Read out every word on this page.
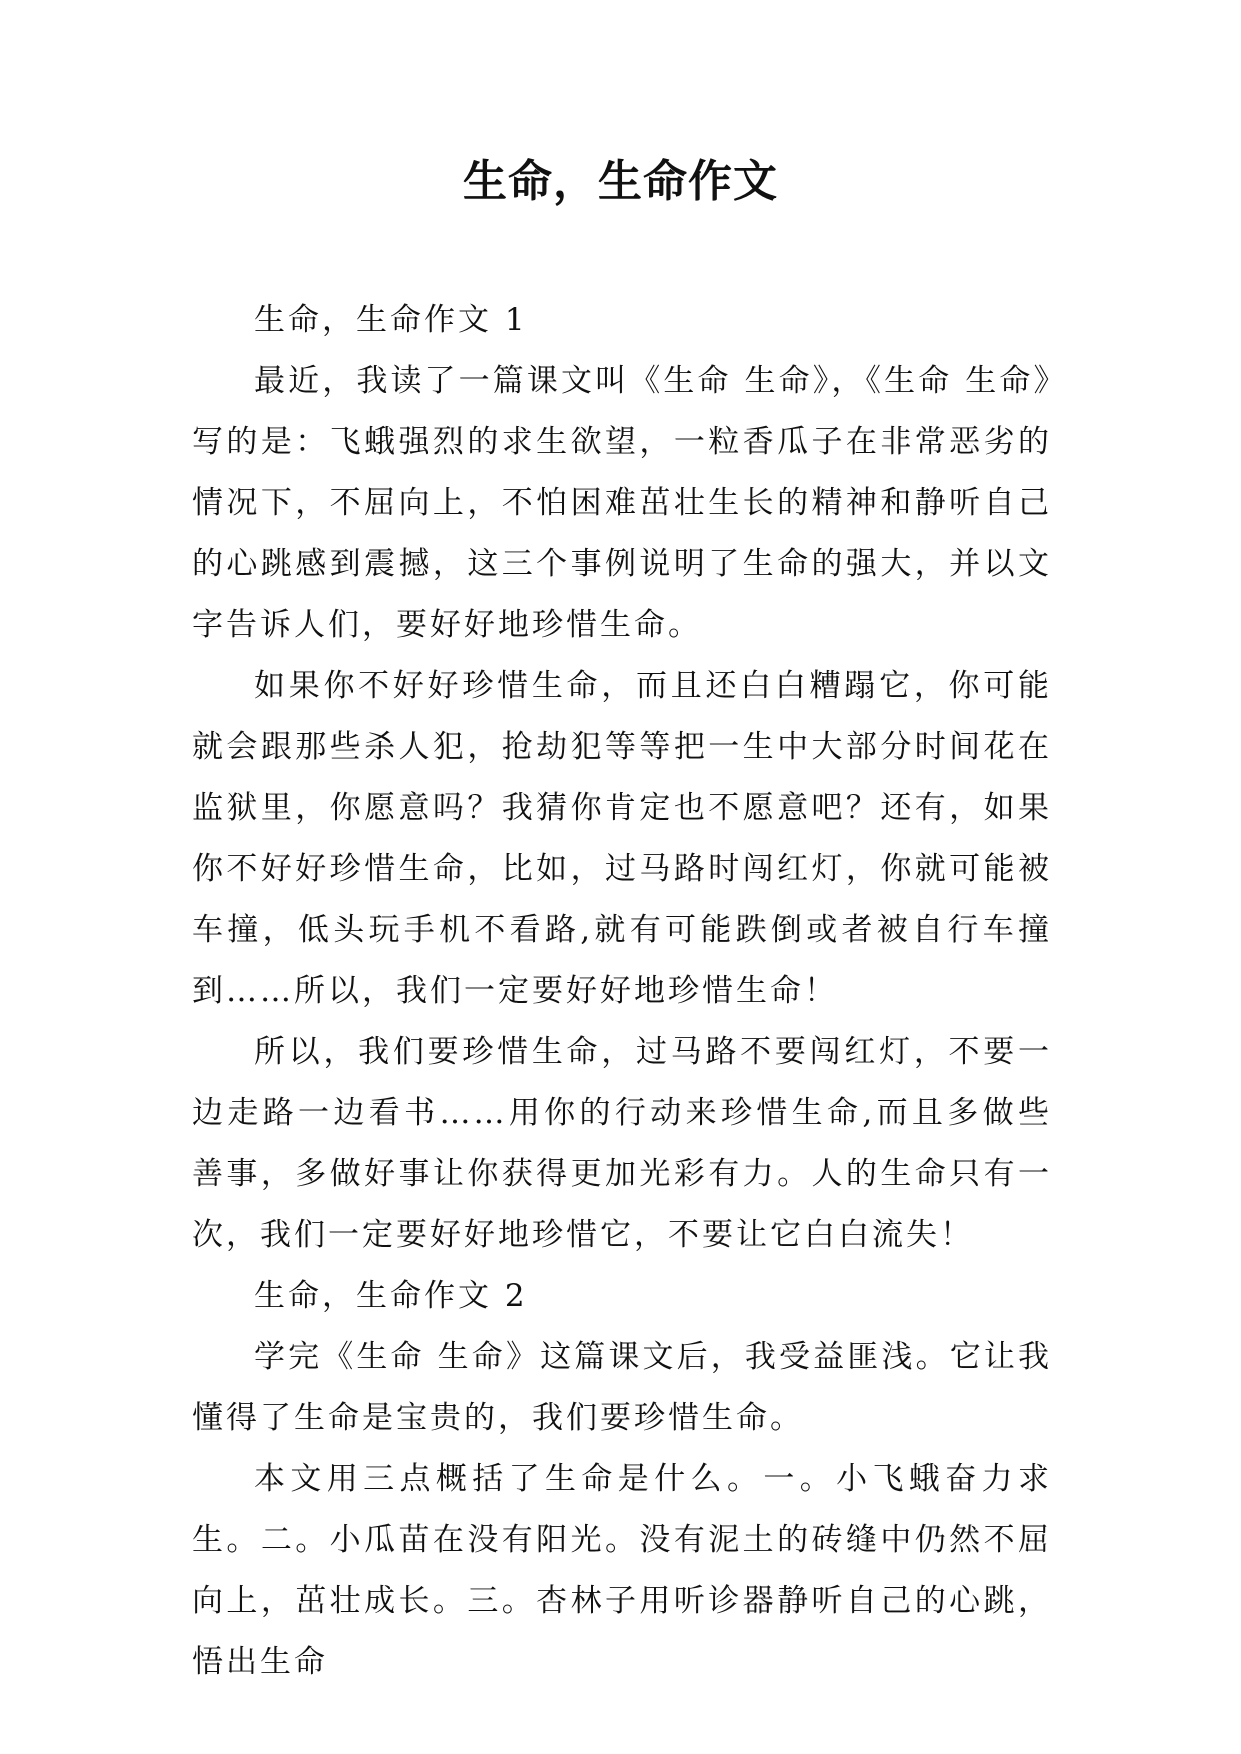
生命，生命作文

生命，生命作文 1

最近，我读了一篇课文叫《生命 生命》，《生命 生命》写的是：飞蛾强烈的求生欲望，一粒香瓜子在非常恶劣的情况下，不屈向上，不怕困难茁壮生长的精神和静听自己的心跳感到震撼，这三个事例说明了生命的强大，并以文字告诉人们，要好好地珍惜生命。

如果你不好好珍惜生命，而且还白白糟蹋它，你可能就会跟那些杀人犯，抢劫犯等等把一生中大部分时间花在监狱里，你愿意吗？我猜你肯定也不愿意吧？还有，如果你不好好珍惜生命，比如，过马路时闯红灯，你就可能被车撞，低头玩手机不看路,就有可能跌倒或者被自行车撞到……所以，我们一定要好好地珍惜生命！

所以，我们要珍惜生命，过马路不要闯红灯，不要一边走路一边看书……用你的行动来珍惜生命,而且多做些善事，多做好事让你获得更加光彩有力。人的生命只有一次，我们一定要好好地珍惜它，不要让它白白流失！

生命，生命作文 2

学完《生命 生命》这篇课文后，我受益匪浅。它让我懂得了生命是宝贵的，我们要珍惜生命。

本文用三点概括了生命是什么。一。小飞蛾奋力求生。二。小瓜苗在没有阳光。没有泥土的砖缝中仍然不屈向上，茁壮成长。三。杏林子用听诊器静听自己的心跳，悟出生命
